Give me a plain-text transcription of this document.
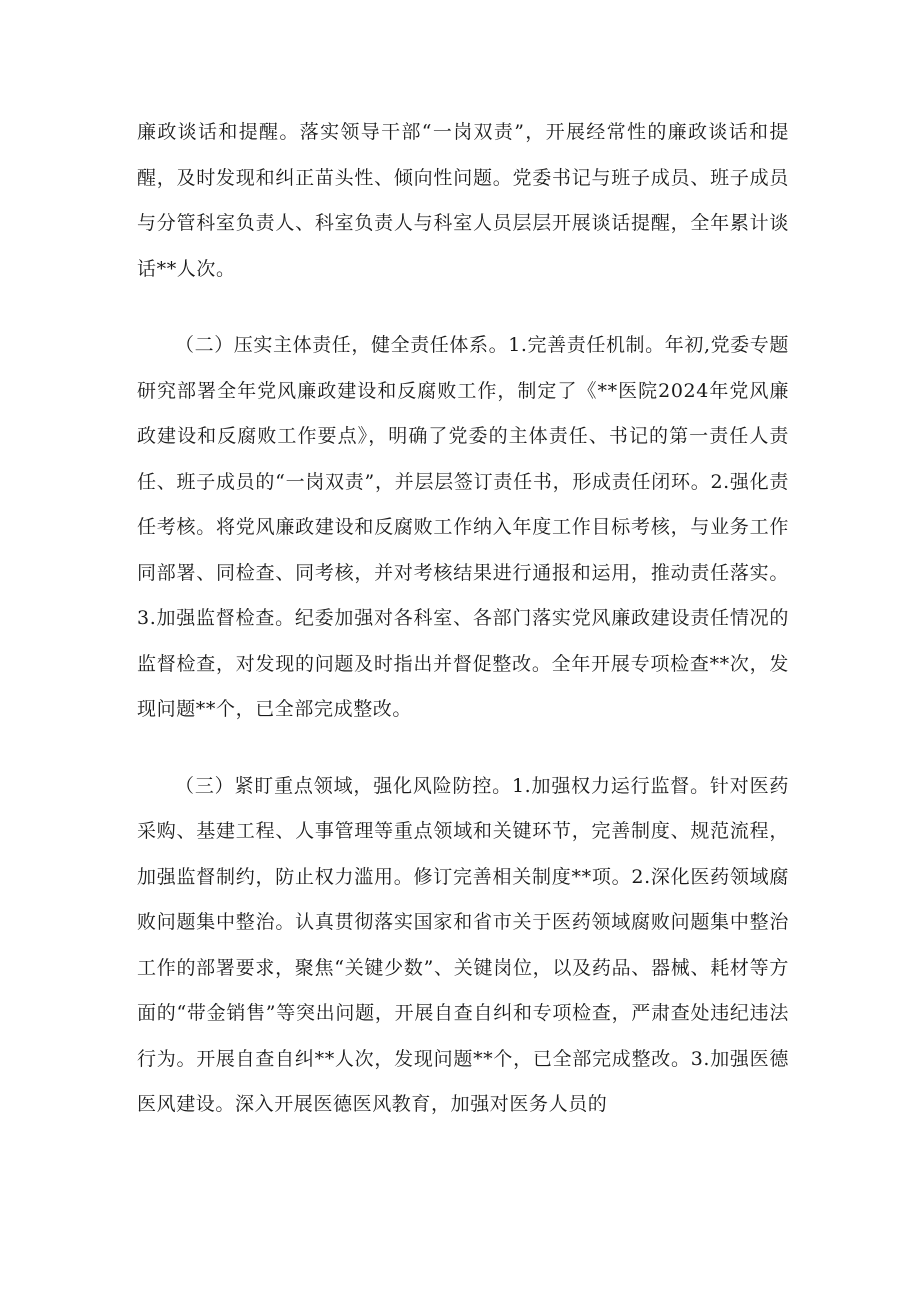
廉政谈话和提醒。落实领导干部“一岗双责”，开展经常性的廉政谈话和提醒，及时发现和纠正苗头性、倾向性问题。党委书记与班子成员、班子成员与分管科室负责人、科室负责人与科室人员层层开展谈话提醒，全年累计谈话**人次。

（二）压实主体责任，健全责任体系。1.完善责任机制。年初,党委专题研究部署全年党风廉政建设和反腐败工作，制定了《**医院2024年党风廉政建设和反腐败工作要点》，明确了党委的主体责任、书记的第一责任人责任、班子成员的“一岗双责”，并层层签订责任书，形成责任闭环。2.强化责任考核。将党风廉政建设和反腐败工作纳入年度工作目标考核，与业务工作同部署、同检查、同考核，并对考核结果进行通报和运用，推动责任落实。3.加强监督检查。纪委加强对各科室、各部门落实党风廉政建设责任情况的监督检查，对发现的问题及时指出并督促整改。全年开展专项检查**次，发现问题**个，已全部完成整改。

（三）紧盯重点领域，强化风险防控。1.加强权力运行监督。针对医药采购、基建工程、人事管理等重点领域和关键环节，完善制度、规范流程，加强监督制约，防止权力滥用。修订完善相关制度**项。2.深化医药领域腐败问题集中整治。认真贯彻落实国家和省市关于医药领域腐败问题集中整治工作的部署要求，聚焦“关键少数”、关键岗位，以及药品、器械、耗材等方面的“带金销售”等突出问题，开展自查自纠和专项检查，严肃查处违纪违法行为。开展自查自纠**人次，发现问题**个，已全部完成整改。3.加强医德医风建设。深入开展医德医风教育，加强对医务人员的
